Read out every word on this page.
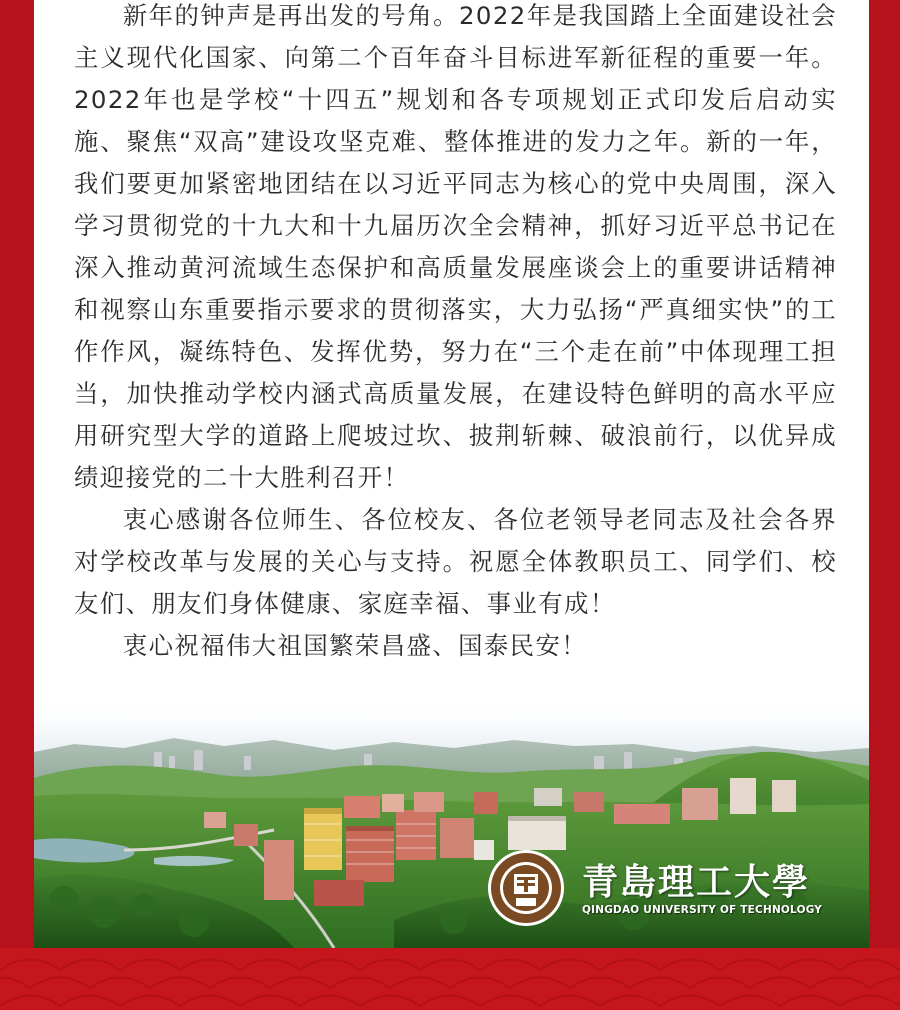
新年的钟声是再出发的号角。2022年是我国踏上全面建设社会主义现代化国家、向第二个百年奋斗目标进军新征程的重要一年。2022年也是学校“十四五”规划和各专项规划正式印发后启动实施、聚焦“双高”建设攻坚克难、整体推进的发力之年。新的一年，我们要更加紧密地团结在以习近平同志为核心的党中央周围，深入学习贯彻党的十九大和十九届历次全会精神，抓好习近平总书记在深入推动黄河流域生态保护和高质量发展座谈会上的重要讲话精神和视察山东重要指示要求的贯彻落实，大力弘扬“严真细实快”的工作作风，凝练特色、发挥优势，努力在“三个走在前”中体现理工担当，加快推动学校内涵式高质量发展，在建设特色鲜明的高水平应用研究型大学的道路上爬坡过坎、披荆斩棘、破浪前行，以优异成绩迎接党的二十大胜利召开！

衷心感谢各位师生、各位校友、各位老领导老同志及社会各界对学校改革与发展的关心与支持。祝愿全体教职员工、同学们、校友们、朋友们身体健康、家庭幸福、事业有成！

衷心祝福伟大祖国繁荣昌盛、国泰民安！

青島理工大學
QINGDAO UNIVERSITY OF TECHNOLOGY
